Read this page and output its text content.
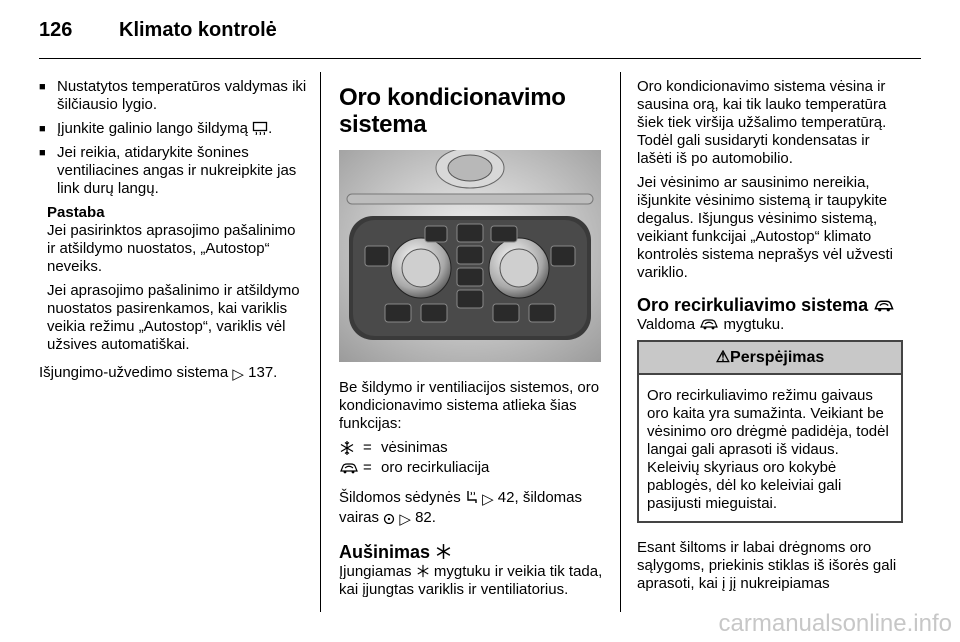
126 Klimato kontrolė
■ Nustatytos temperatūros valdymas iki šilčiausio lygio.
■ Įjunkite galinio lango šildymą .
■ Jei reikia, atidarykite šonines ventiliacines angas ir nukreipkite jas link durų langų.
Pastaba

Jei pasirinktos aprasojimo pašalinimo ir atšildymo nuostatos, „Autostop“ neveiks.

Jei aprasojimo pašalinimo ir atšildymo nuostatos pasirenkamos, kai variklis veikia režimu „Autostop“, variklis vėl užsives automatiškai.

Išjungimo-užvedimo sistema ▷ 137.

Oro kondicionavimo sistema

Be šildymo ir ventiliacijos sistemos, oro kondicionavimo sistema atlieka šias funkcijas:

= vėsinimas
= oro recirkuliacija

Šildomos sėdynės ▷ 42, šildomas vairas ▷ 82.

Aušinimas

Įjungiamas mygtuku ir veikia tik tada, kai įjungtas variklis ir ventiliatorius.

Oro kondicionavimo sistema vėsina ir sausina orą, kai tik lauko temperatūra šiek tiek viršija užšalimo temperatūrą. Todėl gali susidaryti kondensatas ir lašėti iš po automobilio.

Jei vėsinimo ar sausinimo nereikia, išjunkite vėsinimo sistemą ir taupykite degalus. Išjungus vėsinimo sistemą, veikiant funkcijai „Autostop“ klimato kontrolės sistema neprašys vėl užvesti variklio.

Oro recirkuliavimo sistema

Valdoma mygtuku.

⚠Perspėjimas

Oro recirkuliavimo režimu gaivaus oro kaita yra sumažinta. Veikiant be vėsinimo oro drėgmė padidėja, todėl langai gali aprasoti iš vidaus. Keleivių skyriaus oro kokybė pablogės, dėl ko keleiviai gali pasijusti mieguistai.

Esant šiltoms ir labai drėgnoms oro sąlygoms, priekinis stiklas iš išorės gali aprasoti, kai į jį nukreipiamas

carmanualsonline.info
